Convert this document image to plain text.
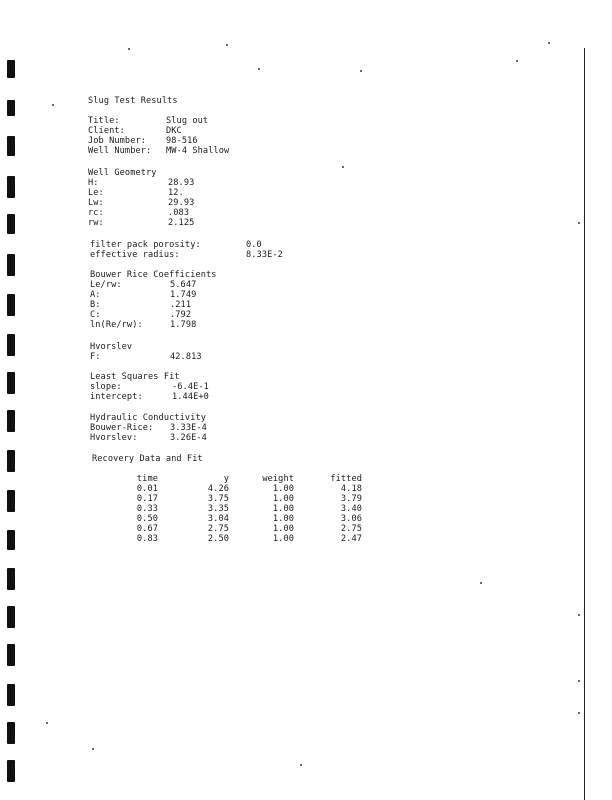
Slug Test Results
Title:	Slug out
Client:	DKC
Job Number: 98-516
Well Number: MW-4 Shallow
Well Geometry
H:	28.93
Le:	12.
Lw:	29.93
rc:	.083
rw:	2.125
filter pack porosity:	0.0
effective radius:	8.33E-2
Bouwer Rice Coefficients
Le/rw:	5.647
A:	1.749
B:	.211
C:	.792
ln(Re/rw):	1.798
Hvorslev
F:	42.813
Least Squares Fit
slope:	-6.4E-1
intercept:	1.44E+0
Hydraulic Conductivity
Bouwer-Rice: 3.33E-4
Hvorslev:	3.26E-4
Recovery Data and Fit
time	y	weight	fitted
0.01	4.26	1.00	4.18
0.17	3.75	1.00	3.79
0.33	3.35	1.00	3.40
0.50	3.04	1.00	3.06
0.67	2.75	1.00	2.75
0.83	2.50	1.00	2.47
